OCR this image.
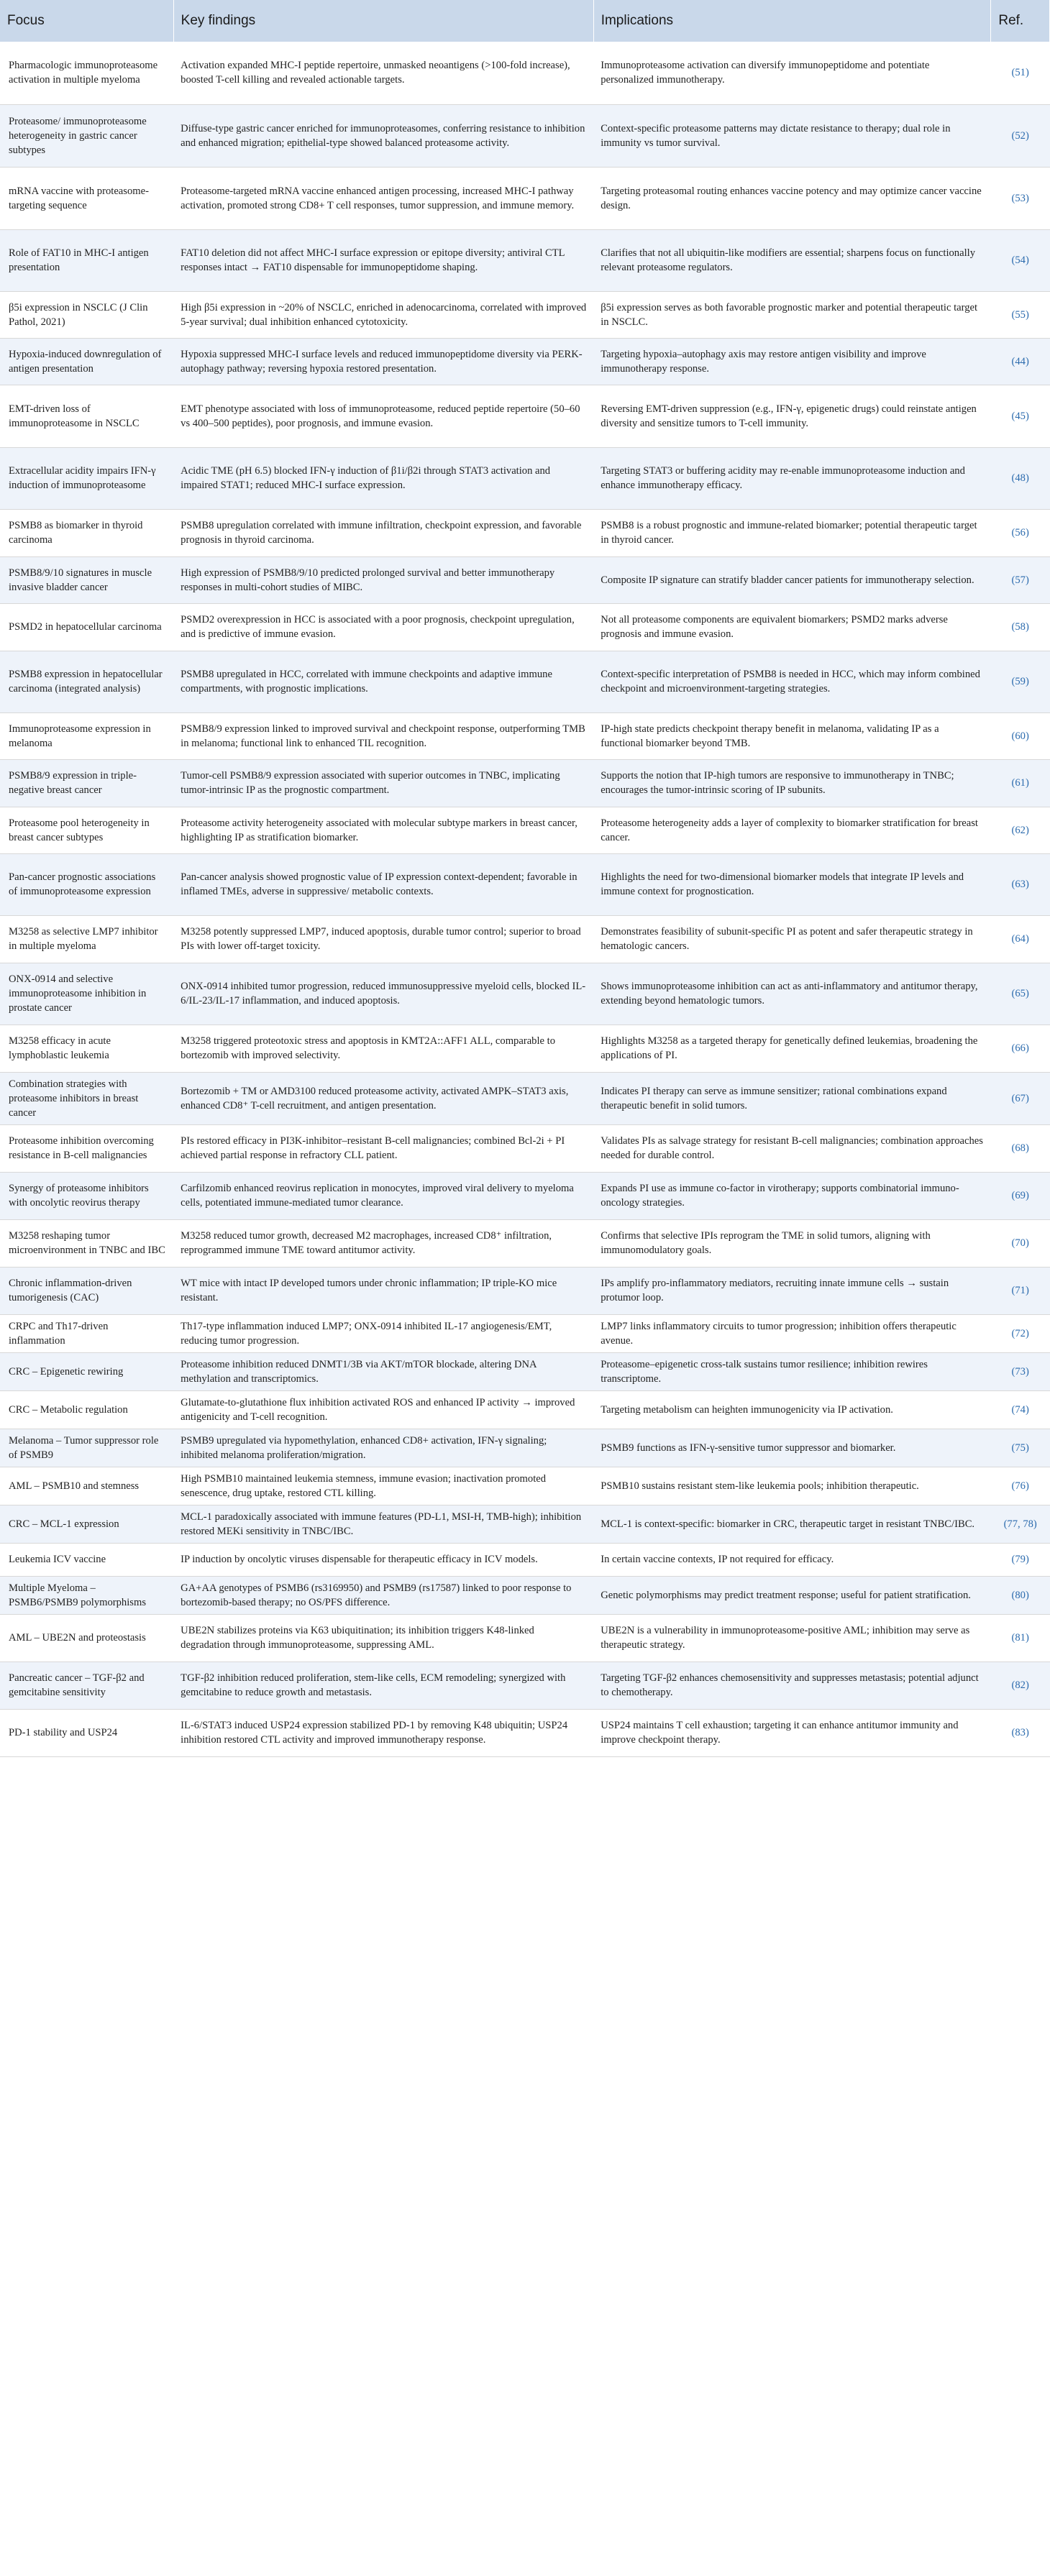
Focus	Key findings	Implications	Ref.
Pharmacologic immunoproteasome activation in multiple myeloma	Activation expanded MHC-I peptide repertoire, unmasked neoantigens (>100-fold increase), boosted T-cell killing and revealed actionable targets.	Immunoproteasome activation can diversify immunopeptidome and potentiate personalized immunotherapy.	(51)
Proteasome/ immunoproteasome heterogeneity in gastric cancer subtypes	Diffuse-type gastric cancer enriched for immunoproteasomes, conferring resistance to inhibition and enhanced migration; epithelial-type showed balanced proteasome activity.	Context-specific proteasome patterns may dictate resistance to therapy; dual role in immunity vs tumor survival.	(52)
mRNA vaccine with proteasome-targeting sequence	Proteasome-targeted mRNA vaccine enhanced antigen processing, increased MHC-I pathway activation, promoted strong CD8+ T cell responses, tumor suppression, and immune memory.	Targeting proteasomal routing enhances vaccine potency and may optimize cancer vaccine design.	(53)
Role of FAT10 in MHC-I antigen presentation	FAT10 deletion did not affect MHC-I surface expression or epitope diversity; antiviral CTL responses intact → FAT10 dispensable for immunopeptidome shaping.	Clarifies that not all ubiquitin-like modifiers are essential; sharpens focus on functionally relevant proteasome regulators.	(54)
β5i expression in NSCLC (J Clin Pathol, 2021)	High β5i expression in ~20% of NSCLC, enriched in adenocarcinoma, correlated with improved 5-year survival; dual inhibition enhanced cytotoxicity.	β5i expression serves as both favorable prognostic marker and potential therapeutic target in NSCLC.	(55)
Hypoxia-induced downregulation of antigen presentation	Hypoxia suppressed MHC-I surface levels and reduced immunopeptidome diversity via PERK-autophagy pathway; reversing hypoxia restored presentation.	Targeting hypoxia–autophagy axis may restore antigen visibility and improve immunotherapy response.	(44)
EMT-driven loss of immunoproteasome in NSCLC	EMT phenotype associated with loss of immunoproteasome, reduced peptide repertoire (50–60 vs 400–500 peptides), poor prognosis, and immune evasion.	Reversing EMT-driven suppression (e.g., IFN-γ, epigenetic drugs) could reinstate antigen diversity and sensitize tumors to T-cell immunity.	(45)
Extracellular acidity impairs IFN-γ induction of immunoproteasome	Acidic TME (pH 6.5) blocked IFN-γ induction of β1i/β2i through STAT3 activation and impaired STAT1; reduced MHC-I surface expression.	Targeting STAT3 or buffering acidity may re-enable immunoproteasome induction and enhance immunotherapy efficacy.	(48)
PSMB8 as biomarker in thyroid carcinoma	PSMB8 upregulation correlated with immune infiltration, checkpoint expression, and favorable prognosis in thyroid carcinoma.	PSMB8 is a robust prognostic and immune-related biomarker; potential therapeutic target in thyroid cancer.	(56)
PSMB8/9/10 signatures in muscle invasive bladder cancer	High expression of PSMB8/9/10 predicted prolonged survival and better immunotherapy responses in multi-cohort studies of MIBC.	Composite IP signature can stratify bladder cancer patients for immunotherapy selection.	(57)
PSMD2 in hepatocellular carcinoma	PSMD2 overexpression in HCC is associated with a poor prognosis, checkpoint upregulation, and is predictive of immune evasion.	Not all proteasome components are equivalent biomarkers; PSMD2 marks adverse prognosis and immune evasion.	(58)
PSMB8 expression in hepatocellular carcinoma (integrated analysis)	PSMB8 upregulated in HCC, correlated with immune checkpoints and adaptive immune compartments, with prognostic implications.	Context-specific interpretation of PSMB8 is needed in HCC, which may inform combined checkpoint and microenvironment-targeting strategies.	(59)
Immunoproteasome expression in melanoma	PSMB8/9 expression linked to improved survival and checkpoint response, outperforming TMB in melanoma; functional link to enhanced TIL recognition.	IP-high state predicts checkpoint therapy benefit in melanoma, validating IP as a functional biomarker beyond TMB.	(60)
PSMB8/9 expression in triple-negative breast cancer	Tumor-cell PSMB8/9 expression associated with superior outcomes in TNBC, implicating tumor-intrinsic IP as the prognostic compartment.	Supports the notion that IP-high tumors are responsive to immunotherapy in TNBC; encourages the tumor-intrinsic scoring of IP subunits.	(61)
Proteasome pool heterogeneity in breast cancer subtypes	Proteasome activity heterogeneity associated with molecular subtype markers in breast cancer, highlighting IP as stratification biomarker.	Proteasome heterogeneity adds a layer of complexity to biomarker stratification for breast cancer.	(62)
Pan-cancer prognostic associations of immunoproteasome expression	Pan-cancer analysis showed prognostic value of IP expression context-dependent; favorable in inflamed TMEs, adverse in suppressive/ metabolic contexts.	Highlights the need for two-dimensional biomarker models that integrate IP levels and immune context for prognostication.	(63)
M3258 as selective LMP7 inhibitor in multiple myeloma	M3258 potently suppressed LMP7, induced apoptosis, durable tumor control; superior to broad PIs with lower off-target toxicity.	Demonstrates feasibility of subunit-specific PI as potent and safer therapeutic strategy in hematologic cancers.	(64)
ONX-0914 and selective immunoproteasome inhibition in prostate cancer	ONX-0914 inhibited tumor progression, reduced immunosuppressive myeloid cells, blocked IL-6/IL-23/IL-17 inflammation, and induced apoptosis.	Shows immunoproteasome inhibition can act as anti-inflammatory and antitumor therapy, extending beyond hematologic tumors.	(65)
M3258 efficacy in acute lymphoblastic leukemia	M3258 triggered proteotoxic stress and apoptosis in KMT2A::AFF1 ALL, comparable to bortezomib with improved selectivity.	Highlights M3258 as a targeted therapy for genetically defined leukemias, broadening the applications of PI.	(66)
Combination strategies with proteasome inhibitors in breast cancer	Bortezomib + TM or AMD3100 reduced proteasome activity, activated AMPK–STAT3 axis, enhanced CD8⁺ T-cell recruitment, and antigen presentation.	Indicates PI therapy can serve as immune sensitizer; rational combinations expand therapeutic benefit in solid tumors.	(67)
Proteasome inhibition overcoming resistance in B-cell malignancies	PIs restored efficacy in PI3K-inhibitor–resistant B-cell malignancies; combined Bcl-2i + PI achieved partial response in refractory CLL patient.	Validates PIs as salvage strategy for resistant B-cell malignancies; combination approaches needed for durable control.	(68)
Synergy of proteasome inhibitors with oncolytic reovirus therapy	Carfilzomib enhanced reovirus replication in monocytes, improved viral delivery to myeloma cells, potentiated immune-mediated tumor clearance.	Expands PI use as immune co-factor in virotherapy; supports combinatorial immuno-oncology strategies.	(69)
M3258 reshaping tumor microenvironment in TNBC and IBC	M3258 reduced tumor growth, decreased M2 macrophages, increased CD8⁺ infiltration, reprogrammed immune TME toward antitumor activity.	Confirms that selective IPIs reprogram the TME in solid tumors, aligning with immunomodulatory goals.	(70)
Chronic inflammation-driven tumorigenesis (CAC)	WT mice with intact IP developed tumors under chronic inflammation; IP triple-KO mice resistant.	IPs amplify pro-inflammatory mediators, recruiting innate immune cells → sustain protumor loop.	(71)
CRPC and Th17-driven inflammation	Th17-type inflammation induced LMP7; ONX-0914 inhibited IL-17 angiogenesis/EMT, reducing tumor progression.	LMP7 links inflammatory circuits to tumor progression; inhibition offers therapeutic avenue.	(72)
CRC – Epigenetic rewiring	Proteasome inhibition reduced DNMT1/3B via AKT/mTOR blockade, altering DNA methylation and transcriptomics.	Proteasome–epigenetic cross-talk sustains tumor resilience; inhibition rewires transcriptome.	(73)
CRC – Metabolic regulation	Glutamate-to-glutathione flux inhibition activated ROS and enhanced IP activity → improved antigenicity and T-cell recognition.	Targeting metabolism can heighten immunogenicity via IP activation.	(74)
Melanoma – Tumor suppressor role of PSMB9	PSMB9 upregulated via hypomethylation, enhanced CD8+ activation, IFN-γ signaling; inhibited melanoma proliferation/migration.	PSMB9 functions as IFN-γ-sensitive tumor suppressor and biomarker.	(75)
AML – PSMB10 and stemness	High PSMB10 maintained leukemia stemness, immune evasion; inactivation promoted senescence, drug uptake, restored CTL killing.	PSMB10 sustains resistant stem-like leukemia pools; inhibition therapeutic.	(76)
CRC – MCL-1 expression	MCL-1 paradoxically associated with immune features (PD-L1, MSI-H, TMB-high); inhibition restored MEKi sensitivity in TNBC/IBC.	MCL-1 is context-specific: biomarker in CRC, therapeutic target in resistant TNBC/IBC.	(77, 78)
Leukemia ICV vaccine	IP induction by oncolytic viruses dispensable for therapeutic efficacy in ICV models.	In certain vaccine contexts, IP not required for efficacy.	(79)
Multiple Myeloma – PSMB6/PSMB9 polymorphisms	GA+AA genotypes of PSMB6 (rs3169950) and PSMB9 (rs17587) linked to poor response to bortezomib-based therapy; no OS/PFS difference.	Genetic polymorphisms may predict treatment response; useful for patient stratification.	(80)
AML – UBE2N and proteostasis	UBE2N stabilizes proteins via K63 ubiquitination; its inhibition triggers K48-linked degradation through immunoproteasome, suppressing AML.	UBE2N is a vulnerability in immunoproteasome-positive AML; inhibition may serve as therapeutic strategy.	(81)
Pancreatic cancer – TGF-β2 and gemcitabine sensitivity	TGF-β2 inhibition reduced proliferation, stem-like cells, ECM remodeling; synergized with gemcitabine to reduce growth and metastasis.	Targeting TGF-β2 enhances chemosensitivity and suppresses metastasis; potential adjunct to chemotherapy.	(82)
PD-1 stability and USP24	IL-6/STAT3 induced USP24 expression stabilized PD-1 by removing K48 ubiquitin; USP24 inhibition restored CTL activity and improved immunotherapy response.	USP24 maintains T cell exhaustion; targeting it can enhance antitumor immunity and improve checkpoint therapy.	(83)
